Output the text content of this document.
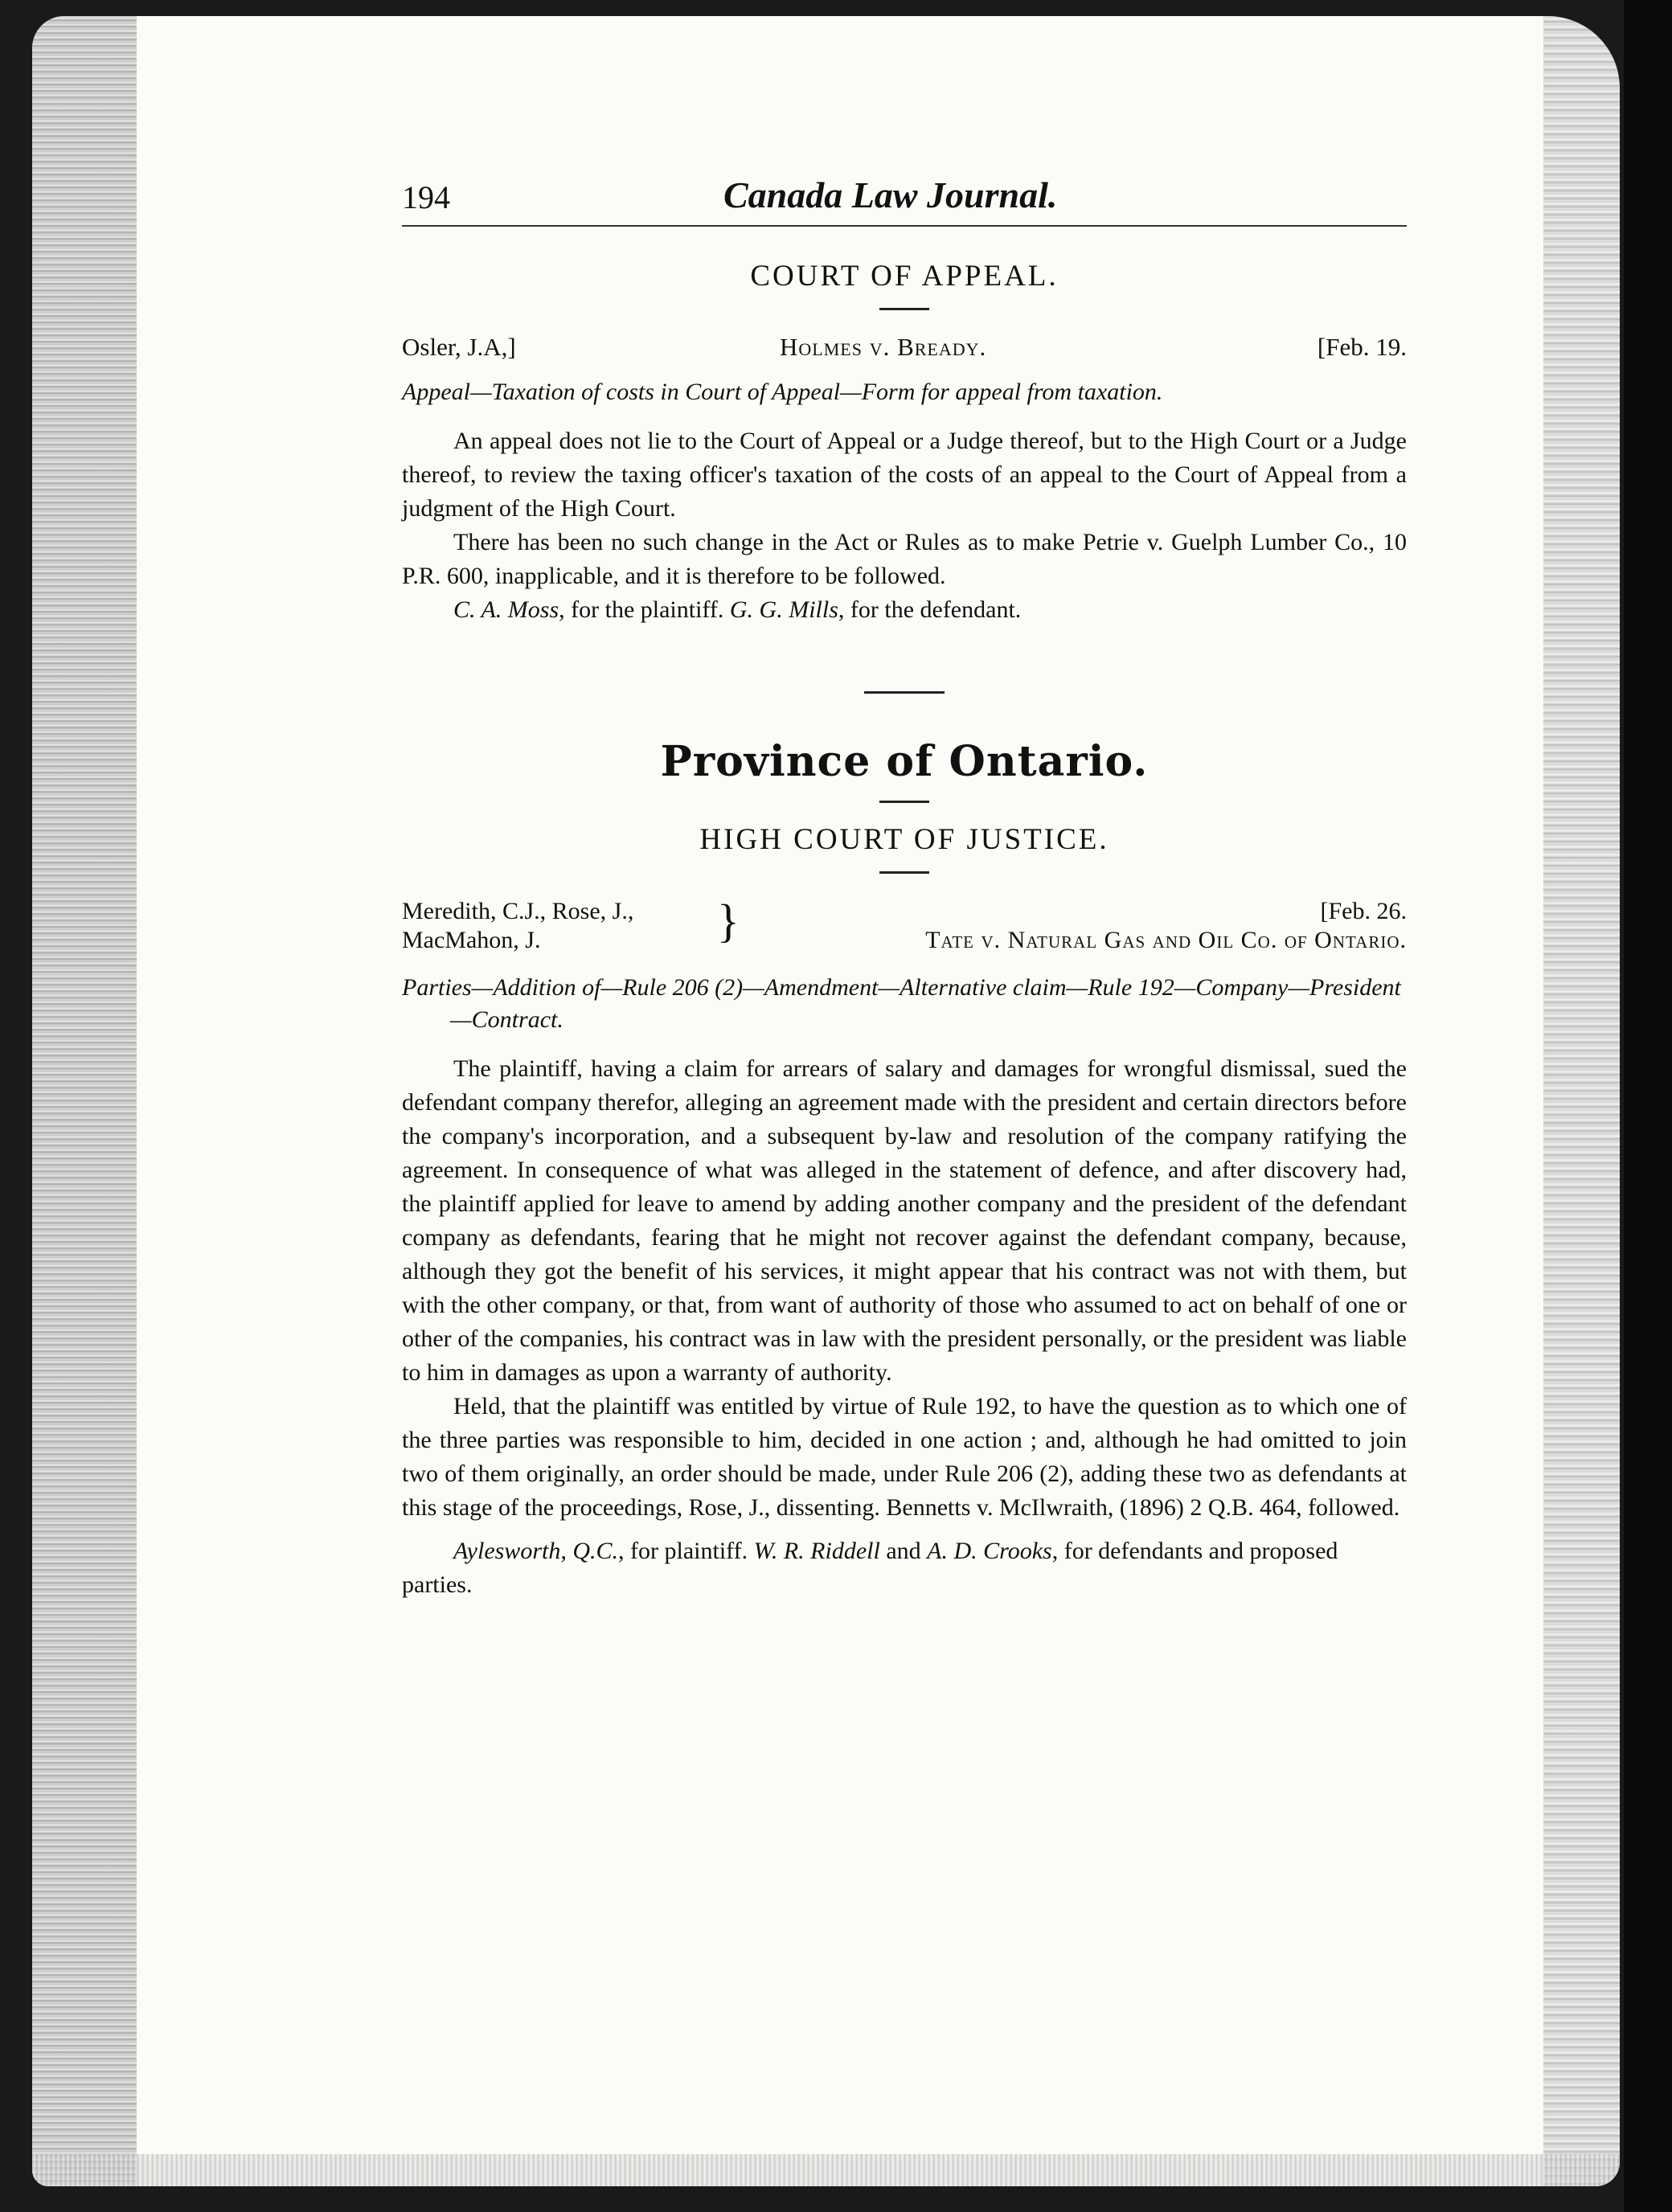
194	Canada Law Journal.
COURT OF APPEAL.
Osler, J.A,]	Holmes v. Bready.	[Feb. 19.
Appeal—Taxation of costs in Court of Appeal—Form for appeal from taxation.

An appeal does not lie to the Court of Appeal or a Judge thereof, but to the High Court or a Judge thereof, to review the taxing officer's taxation of the costs of an appeal to the Court of Appeal from a judgment of the High Court.

There has been no such change in the Act or Rules as to make Petrie v. Guelph Lumber Co., 10 P.R. 600, inapplicable, and it is therefore to be followed.

C. A. Moss, for the plaintiff. G. G. Mills, for the defendant.
Province of Ontario.
HIGH COURT OF JUSTICE.
Meredith, C.J., Rose, J.,
MacMahon, J.	}	[Feb. 26.
Tate v. Natural Gas and Oil Co. of Ontario.
Parties—Addition of—Rule 206 (2)—Amendment—Alternative claim—Rule 192—Company—President—Contract.

The plaintiff, having a claim for arrears of salary and damages for wrongful dismissal, sued the defendant company therefor, alleging an agreement made with the president and certain directors before the company's incorporation, and a subsequent by-law and resolution of the company ratifying the agreement. In consequence of what was alleged in the statement of defence, and after discovery had, the plaintiff applied for leave to amend by adding another company and the president of the defendant company as defendants, fearing that he might not recover against the defendant company, because, although they got the benefit of his services, it might appear that his contract was not with them, but with the other company, or that, from want of authority of those who assumed to act on behalf of one or other of the companies, his contract was in law with the president personally, or the president was liable to him in damages as upon a warranty of authority.

Held, that the plaintiff was entitled by virtue of Rule 192, to have the question as to which one of the three parties was responsible to him, decided in one action ; and, although he had omitted to join two of them originally, an order should be made, under Rule 206 (2), adding these two as defendants at this stage of the proceedings, Rose, J., dissenting. Bennetts v. McIlwraith, (1896) 2 Q.B. 464, followed.

Aylesworth, Q.C., for plaintiff. W. R. Riddell and A. D. Crooks, for defendants and proposed parties.
